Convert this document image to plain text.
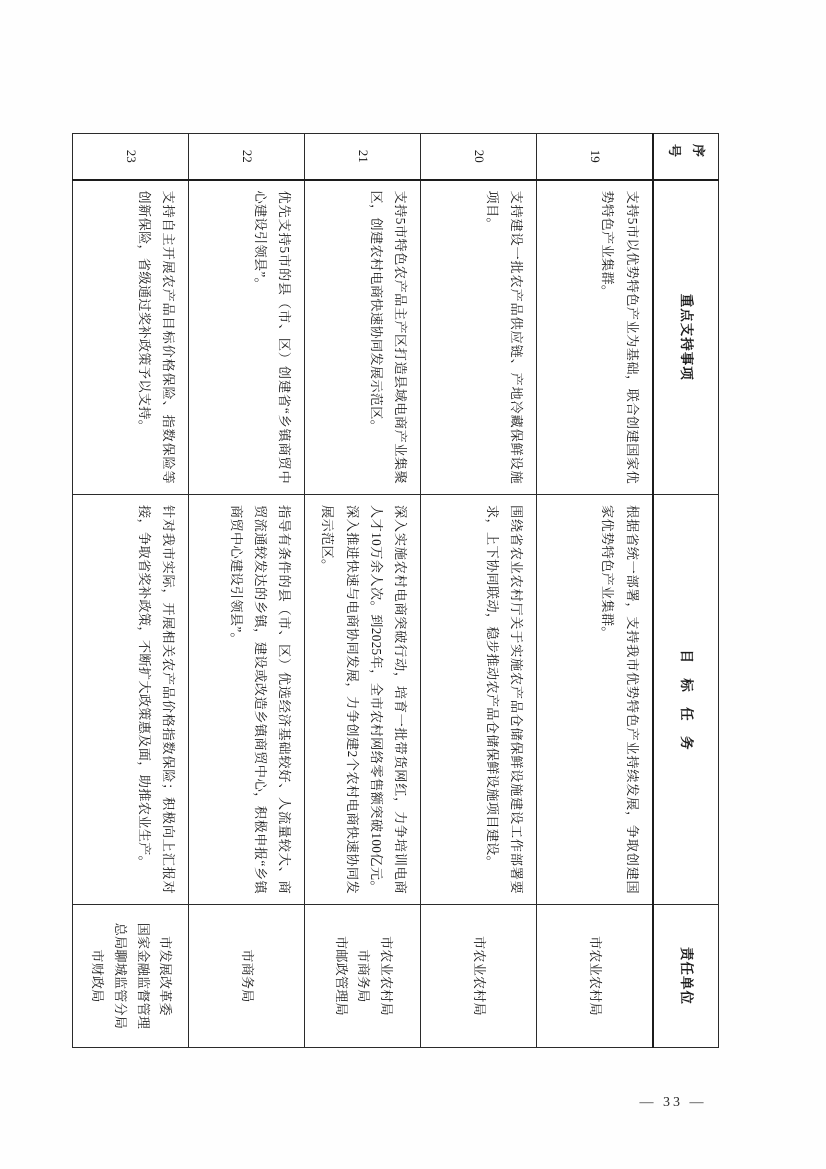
序号	重点支持事项	目 标 任 务	责任单位

19	支持5市以优势特色产业为基础，联合创建国家优势特色产业集群。	根据省统一部署，支持我市优势特色产业持续发展，争取创建国家优势特色产业集群。	市农业农村局

20	支持建设一批农产品供应链、产地冷藏保鲜设施项目。	围绕省农业农村厅关于实施农产品仓储保鲜设施建设工作部署要求，上下协同联动，稳步推动农产品仓储保鲜设施项目建设。	市农业农村局

21	支持5市特色农产品主产区打造县域电商产业集聚区，创建农村电商快速协同发展示范区。	深入实施农村电商突破行动，培育一批带货网红，力争培训电商人才10万余人次。到2025年，全市农村网络零售额突破100亿元。深入推进快速与电商协同发展，力争创建2个农村电商快速协同发展示范区。	市农业农村局
市商务局
市邮政管理局

22	优先支持5市的县（市、区）创建省“乡镇商贸中心建设引领县”。	指导有条件的县（市、区）优选经济基础较好、人流量较大、商贸流通较发达的乡镇，建设或改造乡镇商贸中心，积极申报“乡镇商贸中心建设引领县”。	市商务局

23	支持自主开展农产品目标价格保险、指数保险等创新保险，省级通过奖补政策予以支持。	针对我市实际，开展相关农产品价格指数保险；积极向上汇报对接，争取省奖补政策，不断扩大政策惠及面，助推农业生产。	市发展改革委
国家金融监督管理
总局聊城监管分局
市财政局
— 33 —
